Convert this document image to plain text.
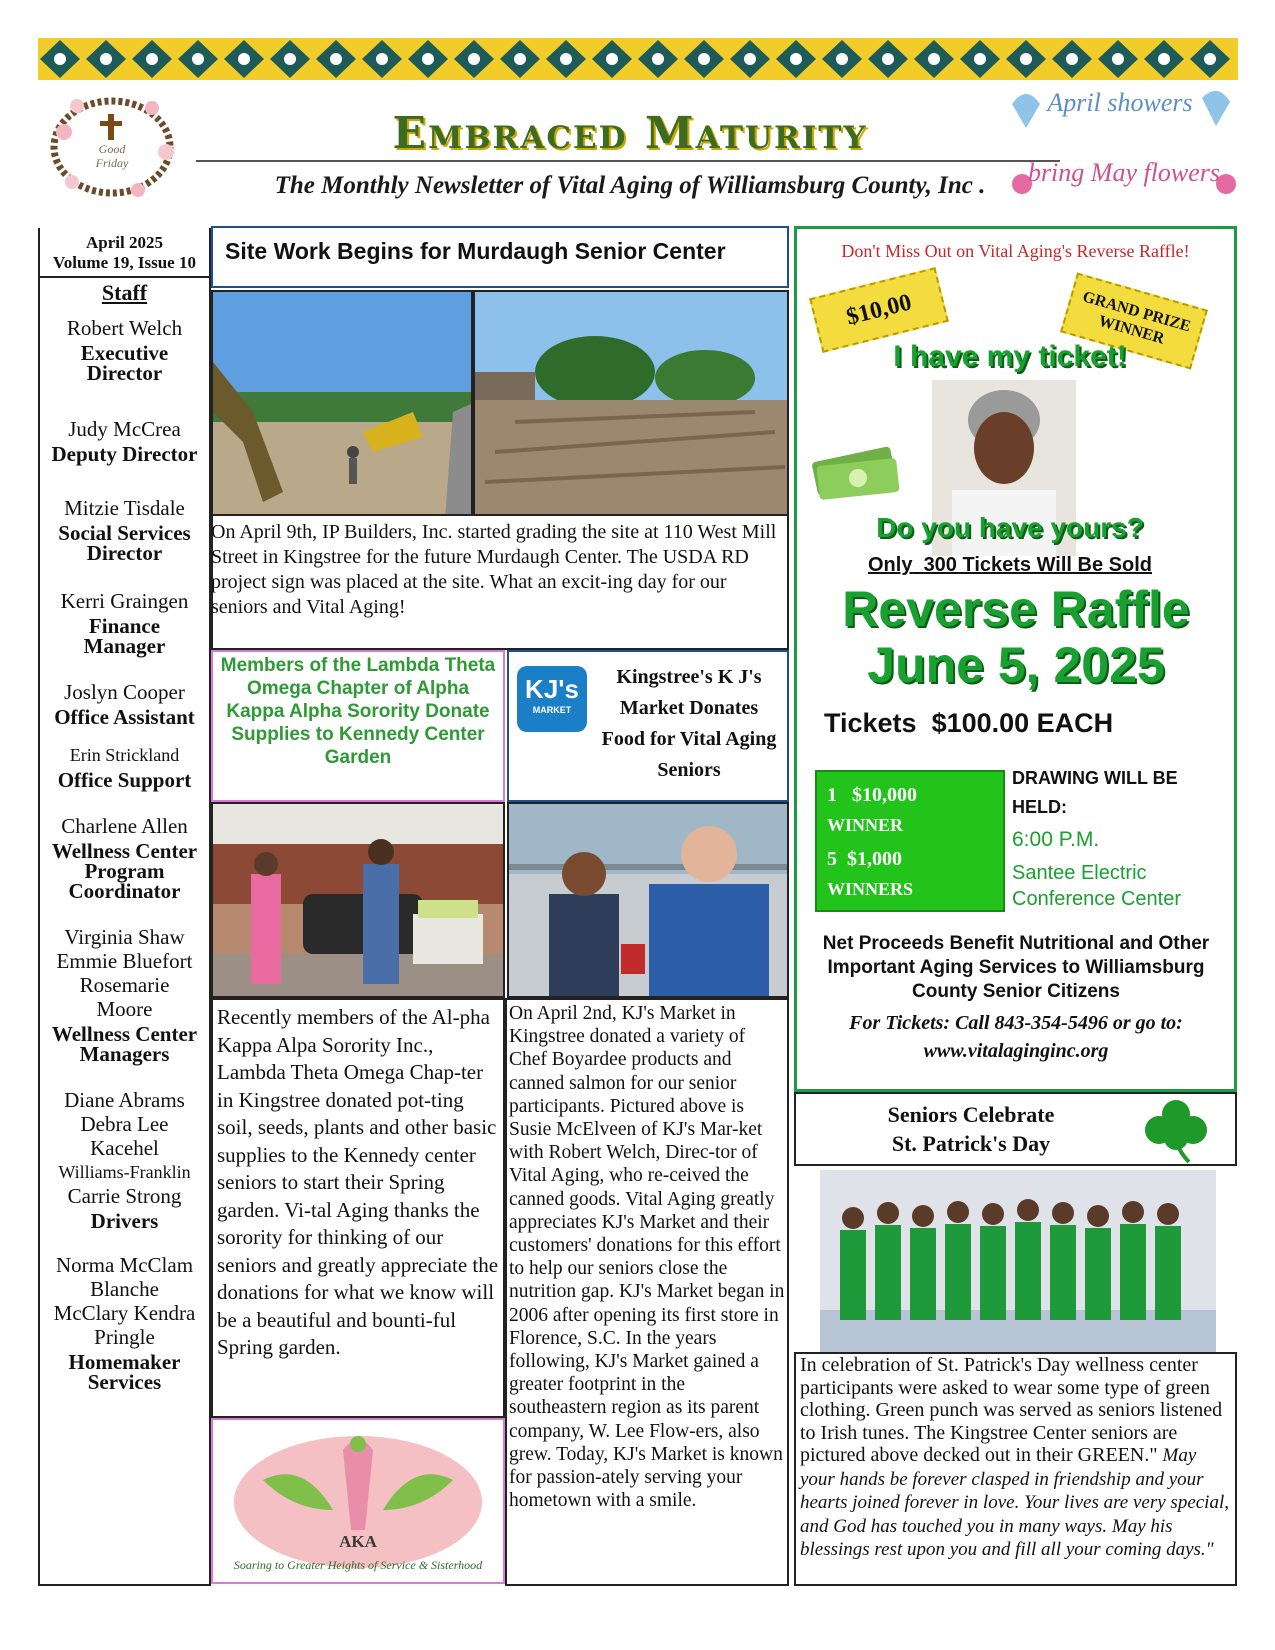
Good
Friday
Embraced Maturity
The Monthly Newsletter of Vital Aging of Williamsburg County, Inc .
April showers
bring May flowers
April 2025
Volume 19, Issue 10
Staff
Robert Welch
Executive
Director
Judy McCrea
Deputy Director
Mitzie Tisdale
Social Services
Director
Kerri Graingen
Finance
Manager
Joslyn Cooper
Office Assistant
Erin Strickland
Office Support
Charlene Allen
Wellness Center
Program
Coordinator
Virginia Shaw
Emmie Bluefort
Rosemarie
Moore
Wellness Center
Managers
Diane Abrams
Debra Lee
Kacehel
Williams-Franklin
Carrie Strong
Drivers
Norma McClam
Blanche
McClary Kendra
Pringle
Homemaker
Services
Site Work Begins for Murdaugh Senior Center
On April 9th, IP Builders, Inc. started grading the site at 110 West Mill Street in Kingstree for the future Murdaugh Center. The USDA RD project sign was placed at the site. What an excit-ing day for our seniors and Vital Aging!
Members of the Lambda Theta Omega Chapter of Alpha Kappa Alpha Sorority Donate Supplies to Kennedy Center Garden
KJ's
MARKET
Kingstree's K J's Market Donates Food for Vital Aging Seniors
Recently members of the Al-pha Kappa Alpa Sorority Inc., Lambda Theta Omega Chap-ter in Kingstree donated pot-ting soil, seeds, plants and other basic supplies to the Kennedy center seniors to start their Spring garden. Vi-tal Aging thanks the sorority for thinking of our seniors and greatly appreciate the donations for what we know will be a beautiful and bounti-ful Spring garden.
AKA
Soaring to Greater Heights of Service & Sisterhood
On April 2nd, KJ's Market in Kingstree donated a variety of Chef Boyardee products and canned salmon for our senior participants. Pictured above is Susie McElveen of KJ's Mar-ket with Robert Welch, Direc-tor of Vital Aging, who re-ceived the canned goods. Vital Aging greatly appreciates KJ's Market and their customers' donations for this effort to help our seniors close the nutrition gap. KJ's Market began in 2006 after opening its first store in Florence, S.C. In the years following, KJ's Market gained a greater footprint in the southeastern region as its parent company, W. Lee Flow-ers, also grew. Today, KJ's Market is known for passion-ately serving your hometown with a smile.
Don't Miss Out on Vital Aging's Reverse Raffle!
$10,00	GRAND PRIZE WINNER
I have my ticket!
Do you have yours?
Only 300 Tickets Will Be Sold
Reverse Raffle
June 5, 2025
Tickets $100.00 EACH
1 $10,000
WINNER
5 $1,000
WINNERS
DRAWING WILL BE HELD:
6:00 P.M.
Santee Electric Conference Center
Net Proceeds Benefit Nutritional and Other Important Aging Services to Williamsburg County Senior Citizens
For Tickets: Call 843-354-5496 or go to:
www.vitalaginginc.org
Seniors Celebrate
St. Patrick's Day
In celebration of St. Patrick's Day wellness center participants were asked to wear some type of green clothing. Green punch was served as seniors listened to Irish tunes. The Kingstree Center seniors are pictured above decked out in their GREEN." May your hands be forever clasped in friendship and your hearts joined forever in love. Your lives are very special, and God has touched you in many ways. May his blessings rest upon you and fill all your coming days."
